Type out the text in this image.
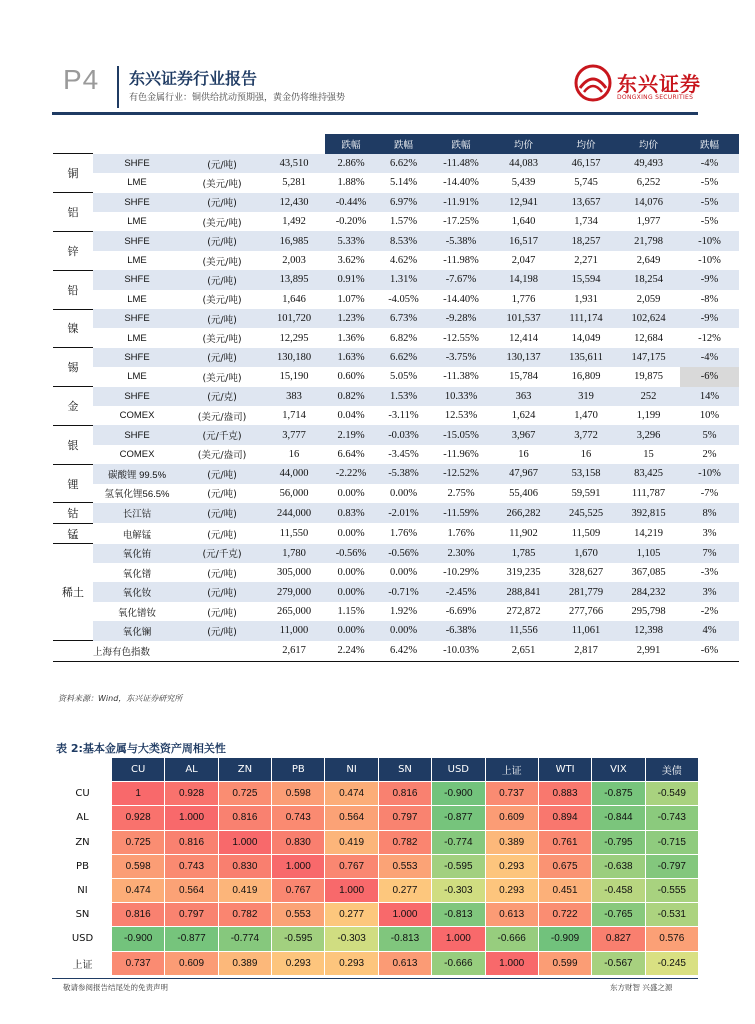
P4 东兴证券行业报告
有色金属行业：铜供给扰动预期强，黄金仍将维持强势
东兴证券
DONGXING SECURITIES
				跌幅	跌幅	跌幅	均价	均价	均价	跌幅
铜	SHFE	(元/吨)	43,510	2.86%	6.62%	-11.48%	44,083	46,157	49,493	-4%
	LME	(美元/吨)	5,281	1.88%	5.14%	-14.40%	5,439	5,745	6,252	-5%
铝	SHFE	(元/吨)	12,430	-0.44%	6.97%	-11.91%	12,941	13,657	14,076	-5%
	LME	(美元/吨)	1,492	-0.20%	1.57%	-17.25%	1,640	1,734	1,977	-5%
锌	SHFE	(元/吨)	16,985	5.33%	8.53%	-5.38%	16,517	18,257	21,798	-10%
	LME	(美元/吨)	2,003	3.62%	4.62%	-11.98%	2,047	2,271	2,649	-10%
铅	SHFE	(元/吨)	13,895	0.91%	1.31%	-7.67%	14,198	15,594	18,254	-9%
	LME	(美元/吨)	1,646	1.07%	-4.05%	-14.40%	1,776	1,931	2,059	-8%
镍	SHFE	(元/吨)	101,720	1.23%	6.73%	-9.28%	101,537	111,174	102,624	-9%
	LME	(美元/吨)	12,295	1.36%	6.82%	-12.55%	12,414	14,049	12,684	-12%
锡	SHFE	(元/吨)	130,180	1.63%	6.62%	-3.75%	130,137	135,611	147,175	-4%
	LME	(美元/吨)	15,190	0.60%	5.05%	-11.38%	15,784	16,809	19,875	-6%
金	SHFE	(元/克)	383	0.82%	1.53%	10.33%	363	319	252	14%
	COMEX	(美元/盎司)	1,714	0.04%	-3.11%	12.53%	1,624	1,470	1,199	10%
银	SHFE	(元/千克)	3,777	2.19%	-0.03%	-15.05%	3,967	3,772	3,296	5%
	COMEX	(美元/盎司)	16	6.64%	-3.45%	-11.96%	16	16	15	2%
锂	碳酸锂 99.5%	(元/吨)	44,000	-2.22%	-5.38%	-12.52%	47,967	53,158	83,425	-10%
	氢氧化锂56.5%	(元/吨)	56,000	0.00%	0.00%	2.75%	55,406	59,591	111,787	-7%
钴	长江钴	(元/吨)	244,000	0.83%	-2.01%	-11.59%	266,282	245,525	392,815	8%
锰	电解锰	(元/吨)	11,550	0.00%	1.76%	1.76%	11,902	11,509	14,219	3%
稀土	氧化铕	(元/千克)	1,780	-0.56%	-0.56%	2.30%	1,785	1,670	1,105	7%
	氧化镨	(元/吨)	305,000	0.00%	0.00%	-10.29%	319,235	328,627	367,085	-3%
	氧化钕	(元/吨)	279,000	0.00%	-0.71%	-2.45%	288,841	281,779	284,232	3%
	氧化镨钕	(元/吨)	265,000	1.15%	1.92%	-6.69%	272,872	277,766	295,798	-2%
	氧化镧	(元/吨)	11,000	0.00%	0.00%	-6.38%	11,556	11,061	12,398	4%
	上海有色指数		2,617	2.24%	6.42%	-10.03%	2,651	2,817	2,991	-6%
资料来源：Wind，东兴证券研究所
表 2:基本金属与大类资产周相关性
	CU	AL	ZN	PB	NI	SN	USD	上证	WTI	VIX	美债
CU	1	0.928	0.725	0.598	0.474	0.816	-0.900	0.737	0.883	-0.875	-0.549
AL	0.928	1.000	0.816	0.743	0.564	0.797	-0.877	0.609	0.894	-0.844	-0.743
ZN	0.725	0.816	1.000	0.830	0.419	0.782	-0.774	0.389	0.761	-0.795	-0.715
PB	0.598	0.743	0.830	1.000	0.767	0.553	-0.595	0.293	0.675	-0.638	-0.797
NI	0.474	0.564	0.419	0.767	1.000	0.277	-0.303	0.293	0.451	-0.458	-0.555
SN	0.816	0.797	0.782	0.553	0.277	1.000	-0.813	0.613	0.722	-0.765	-0.531
USD	-0.900	-0.877	-0.774	-0.595	-0.303	-0.813	1.000	-0.666	-0.909	0.827	0.576
上证	0.737	0.609	0.389	0.293	0.293	0.613	-0.666	1.000	0.599	-0.567	-0.245
敬请参阅报告结尾处的免责声明	东方财智 兴盛之源
